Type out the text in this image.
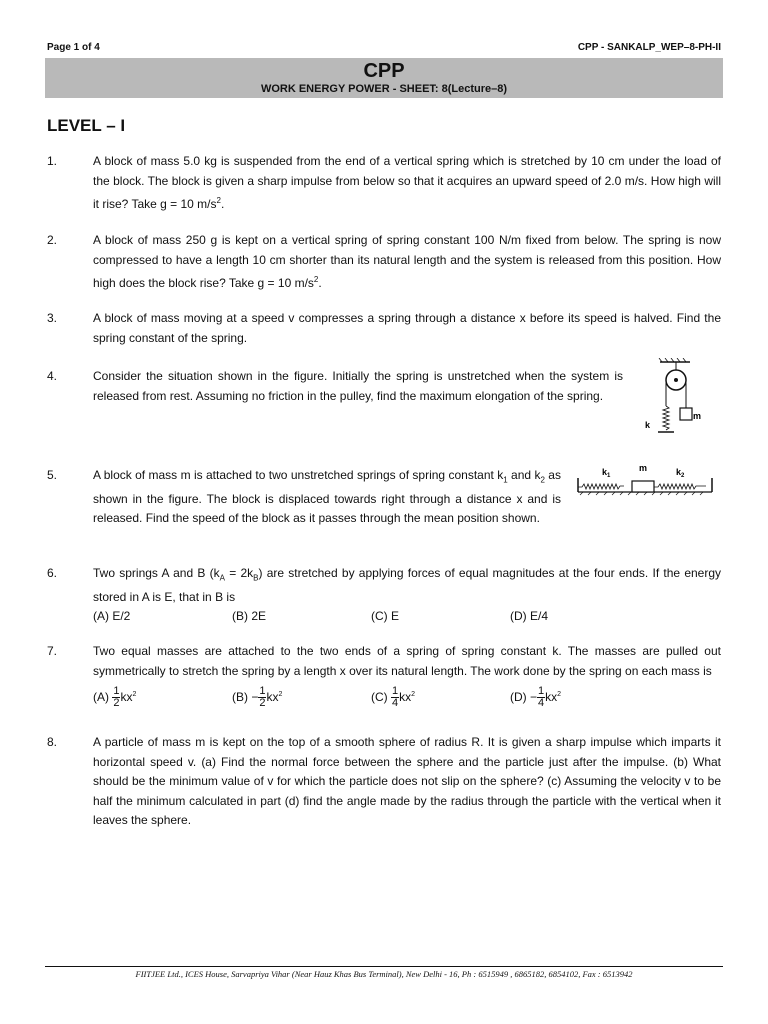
Page 1 of 4	CPP - SANKALP_WEP–8-PH-II
CPP
WORK ENERGY POWER - SHEET: 8(Lecture–8)
LEVEL – I
1.	A block of mass 5.0 kg is suspended from the end of a vertical spring which is stretched by 10 cm under the load of the block. The block is given a sharp impulse from below so that it acquires an upward speed of 2.0 m/s. How high will it rise? Take g = 10 $m/s^2$.
2.	A block of mass 250 g is kept on a vertical spring of spring constant 100 N/m fixed from below. The spring is now compressed to have a length 10 cm shorter than its natural length and the system is released from this position. How high does the block rise? Take g = 10 $m/s^2$.
3.	A block of mass moving at a speed v compresses a spring through a distance x before its speed is halved. Find the spring constant of the spring.
4.	Consider the situation shown in the figure. Initially the spring is unstretched when the system is released from rest. Assuming no friction in the pulley, find the maximum elongation of the spring.
m
k
5.	A block of mass m is attached to two unstretched springs of spring constant $k_1$ and $k_2$ as shown in the figure. The block is displaced towards right through a distance x and is released. Find the speed of the block as it passes through the mean position shown.
$k_1$
m	$k_2$
6.	Two springs A and B $(k_A = 2k_B)$ are stretched by applying forces of equal magnitudes at the four ends. If the energy stored in A is E, that in B is
(A) E/2	(B) 2E	(C) E	(D) E/4
7.	Two equal masses are attached to the two ends of a spring of spring constant k. The masses are pulled out symmetrically to stretch the spring by a length x over its natural length. The work done by the spring on each mass is
$(A) \frac{1}{2} kx^2$	$(B) - \frac{1}{2} kx^2$	$(C) \frac{1}{4} kx^2$	$(D) - \frac{1}{4} kx^2$
8.	A particle of mass m is kept on the top of a smooth sphere of radius R. It is given a sharp impulse which imparts it horizontal speed v. (a) Find the normal force between the sphere and the particle just after the impulse. (b) What should be the minimum value of v for which the particle does not slip on the sphere? (c) Assuming the velocity v to be half the minimum calculated in part (d) find the angle made by the radius through the particle with the vertical when it leaves the sphere.
FIITJEE Ltd., ICES House, Sarvapriya Vihar (Near Hauz Khas Bus Terminal), New Delhi - 16, Ph : 6515949 , 6865182, 6854102, Fax : 6513942
